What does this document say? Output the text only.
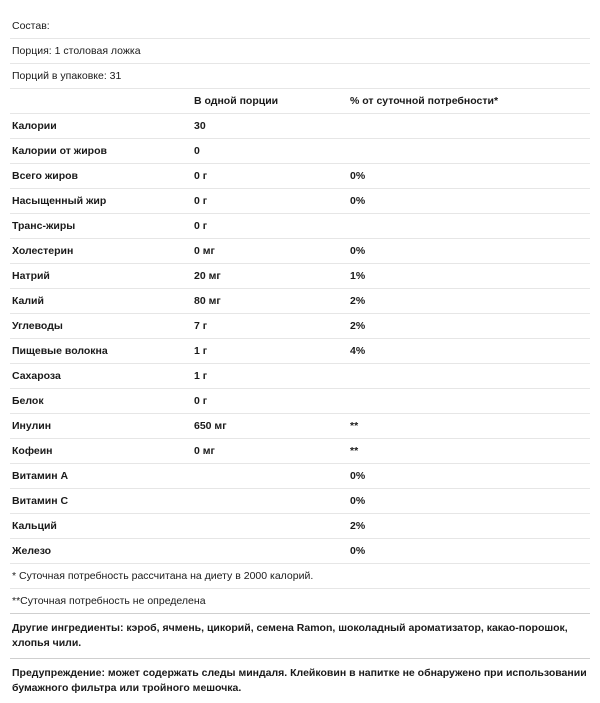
Состав:
Порция: 1 столовая ложка
Порций в упаковке: 31
	В одной порции	% от суточной потребности*
Калории	30	
Калории от жиров	0	
Всего жиров	0 г	0%
Насыщенный жир	0 г	0%
Транс-жиры	0 г	
Холестерин	0 мг	0%
Натрий	20 мг	1%
Калий	80 мг	2%
Углеводы	7 г	2%
Пищевые волокна	1 г	4%
Сахароза	1 г	
Белок	0 г	
Инулин	650 мг	**
Кофеин	0 мг	**
Витамин A		0%
Витамин C		0%
Кальций		2%
Железо		0%
* Суточная потребность рассчитана на диету в 2000 калорий.
**Суточная потребность не определена
Другие ингредиенты: кэроб, ячмень, цикорий, семена Ramon, шоколадный ароматизатор, какао-порошок, хлопья чили.
Предупреждение: может содержать следы миндаля. Клейковин в напитке не обнаружено при использовании бумажного фильтра или тройного мешочка.
